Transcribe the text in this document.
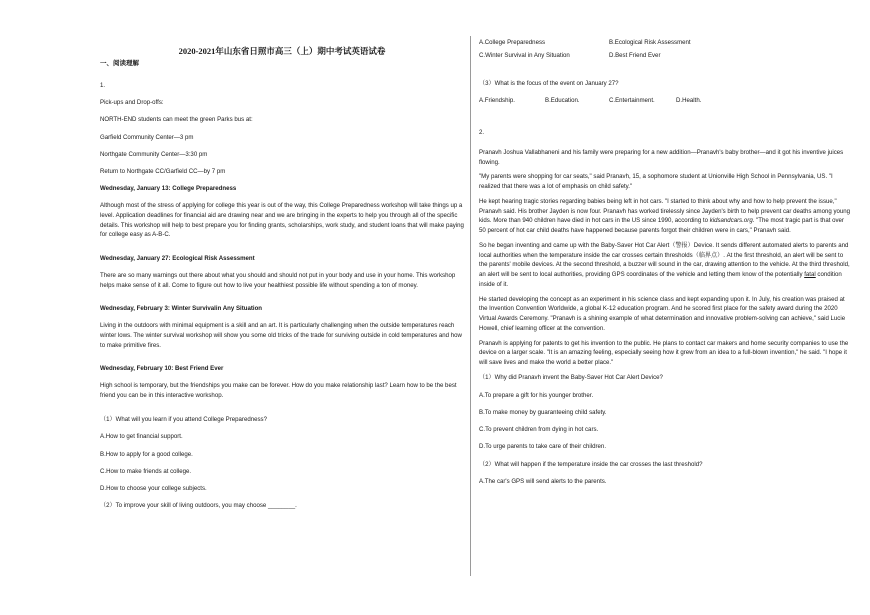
2020-2021年山东省日照市高三（上）期中考试英语试卷

一、阅读理解

1.

Pick-ups and Drop-offs:

NORTH-END students can meet the green Parks bus at:

Garfield Community Center—3 pm

Northgate Community Center—3:30 pm

Return to Northgate CC/Garfield CC—by 7 pm

Wednesday, January 13: College Preparedness

Although most of the stress of applying for college this year is out of the way, this College Preparedness workshop will take things up a level. Application deadlines for financial aid are drawing near and we are bringing in the experts to help you through all of the specific details. This workshop will help to best prepare you for finding grants, scholarships, work study, and student loans that will make paying for college easy as A-B-C.

Wednesday, January 27: Ecological Risk Assessment

There are so many warnings out there about what you should and should not put in your body and use in your home. This workshop helps make sense of it all. Come to figure out how to live your healthiest possible life without spending a ton of money.

Wednesday, February 3: Winter Survivalin Any Situation

Living in the outdoors with minimal equipment is a skill and an art. It is particularly challenging when the outside temperatures reach winter lows. The winter survival workshop will show you some old tricks of the trade for surviving outside in cold temperatures and how to make primitive fires.

Wednesday, February 10: Best Friend Ever

High school is temporary, but the friendships you make can be forever. How do you make relationship last? Learn how to be the best friend you can be in this interactive workshop.

（1）What will you learn if you attend College Preparedness?

A.How to get financial support.

B.How to apply for a good college.

C.How to make friends at college.

D.How to choose your college subjects.

（2）To improve your skill of living outdoors, you may choose ________.

A.College Preparedness	B.Ecological Risk Assessment
C.Winter Survival in Any Situation	D.Best Friend Ever

（3）What is the focus of the event on January 27?

A.Friendship.	B.Education.	C.Entertainment.	D.Health.

2.

Pranavh Joshua Vallabhaneni and his family were preparing for a new addition—Pranavh's baby brother—and it got his inventive juices flowing.

"My parents were shopping for car seats," said Pranavh, 15, a sophomore student at Unionville High School in Pennsylvania, US. "I realized that there was a lot of emphasis on child safety."

He kept hearing tragic stories regarding babies being left in hot cars. "I started to think about why and how to help prevent the issue," Pranavh said. His brother Jayden is now four. Pranavh has worked tirelessly since Jayden's birth to help prevent car deaths among young kids. More than 940 children have died in hot cars in the US since 1990, according to kidsandcars.org. "The most tragic part is that over 50 percent of hot car child deaths have happened because parents forgot their children were in cars," Pranavh said.

So he began inventing and came up with the Baby-Saver Hot Car Alert（警报）Device. It sends different automated alerts to parents and local authorities when the temperature inside the car crosses certain thresholds（临界点）. At the first threshold, an alert will be sent to the parents' mobile devices. At the second threshold, a buzzer will sound in the car, drawing attention to the vehicle. At the third threshold, an alert will be sent to local authorities, providing GPS coordinates of the vehicle and letting them know of the potentially fatal condition inside of it.

He started developing the concept as an experiment in his science class and kept expanding upon it. In July, his creation was praised at the Invention Convention Worldwide, a global K-12 education program. And he scored first place for the safety award during the 2020 Virtual Awards Ceremony. "Pranavh is a shining example of what determination and innovative problem-solving can achieve," said Lucie Howell, chief learning officer at the convention.

Pranavh is applying for patents to get his invention to the public. He plans to contact car makers and home security companies to use the device on a larger scale. "It is an amazing feeling, especially seeing how it grew from an idea to a full-blown invention," he said. "I hope it will save lives and make the world a better place."

（1）Why did Pranavh invent the Baby-Saver Hot Car Alert Device?

A.To prepare a gift for his younger brother.

B.To make money by guaranteeing child safety.

C.To prevent children from dying in hot cars.

D.To urge parents to take care of their children.

（2）What will happen if the temperature inside the car crosses the last threshold?

A.The car's GPS will send alerts to the parents.
